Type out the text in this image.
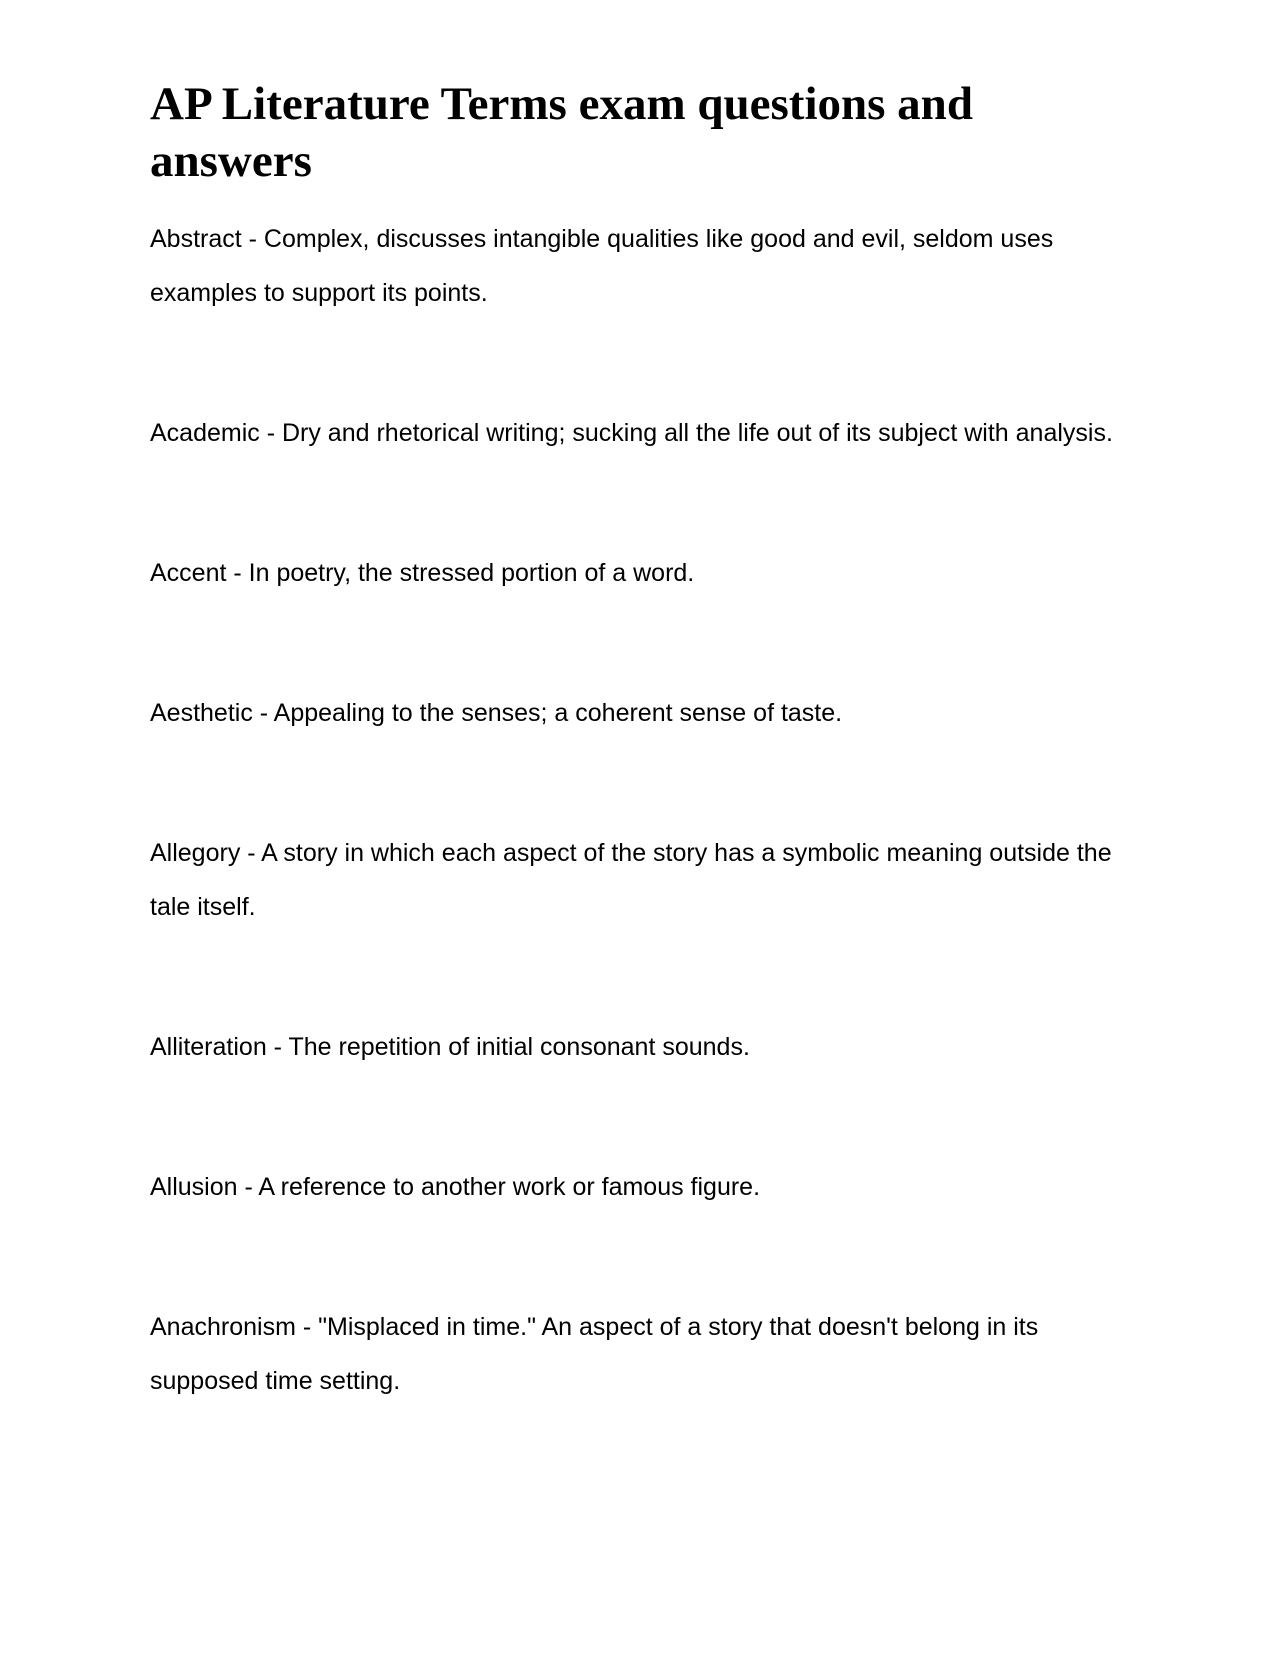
AP Literature Terms exam questions and answers
Abstract - Complex, discusses intangible qualities like good and evil, seldom uses examples to support its points.
Academic - Dry and rhetorical writing; sucking all the life out of its subject with analysis.
Accent - In poetry, the stressed portion of a word.
Aesthetic - Appealing to the senses; a coherent sense of taste.
Allegory - A story in which each aspect of the story has a symbolic meaning outside the tale itself.
Alliteration - The repetition of initial consonant sounds.
Allusion - A reference to another work or famous figure.
Anachronism - "Misplaced in time." An aspect of a story that doesn't belong in its supposed time setting.
